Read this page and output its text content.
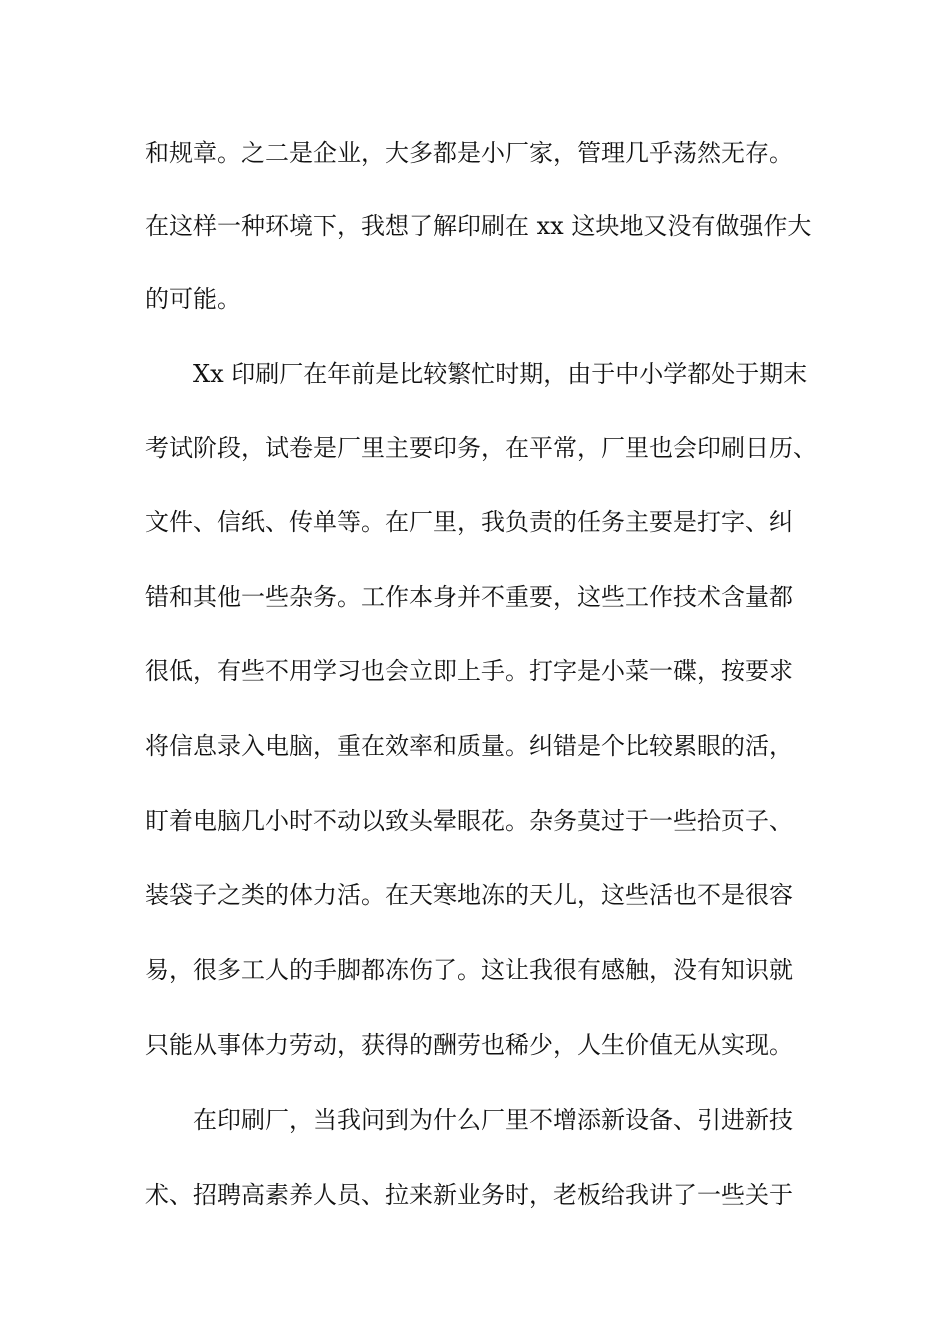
和规章。之二是企业，大多都是小厂家，管理几乎荡然无存。

在这样一种环境下，我想了解印刷在 xx 这块地又没有做强作大

的可能。

Xx 印刷厂在年前是比较繁忙时期，由于中小学都处于期末

考试阶段，试卷是厂里主要印务，在平常，厂里也会印刷日历、

文件、信纸、传单等。在厂里，我负责的任务主要是打字、纠

错和其他一些杂务。工作本身并不重要，这些工作技术含量都

很低，有些不用学习也会立即上手。打字是小菜一碟，按要求

将信息录入电脑，重在效率和质量。纠错是个比较累眼的活，

盯着电脑几小时不动以致头晕眼花。杂务莫过于一些拾页子、

装袋子之类的体力活。在天寒地冻的天儿，这些活也不是很容

易，很多工人的手脚都冻伤了。这让我很有感触，没有知识就

只能从事体力劳动，获得的酬劳也稀少，人生价值无从实现。

在印刷厂，当我问到为什么厂里不增添新设备、引进新技

术、招聘高素养人员、拉来新业务时，老板给我讲了一些关于
